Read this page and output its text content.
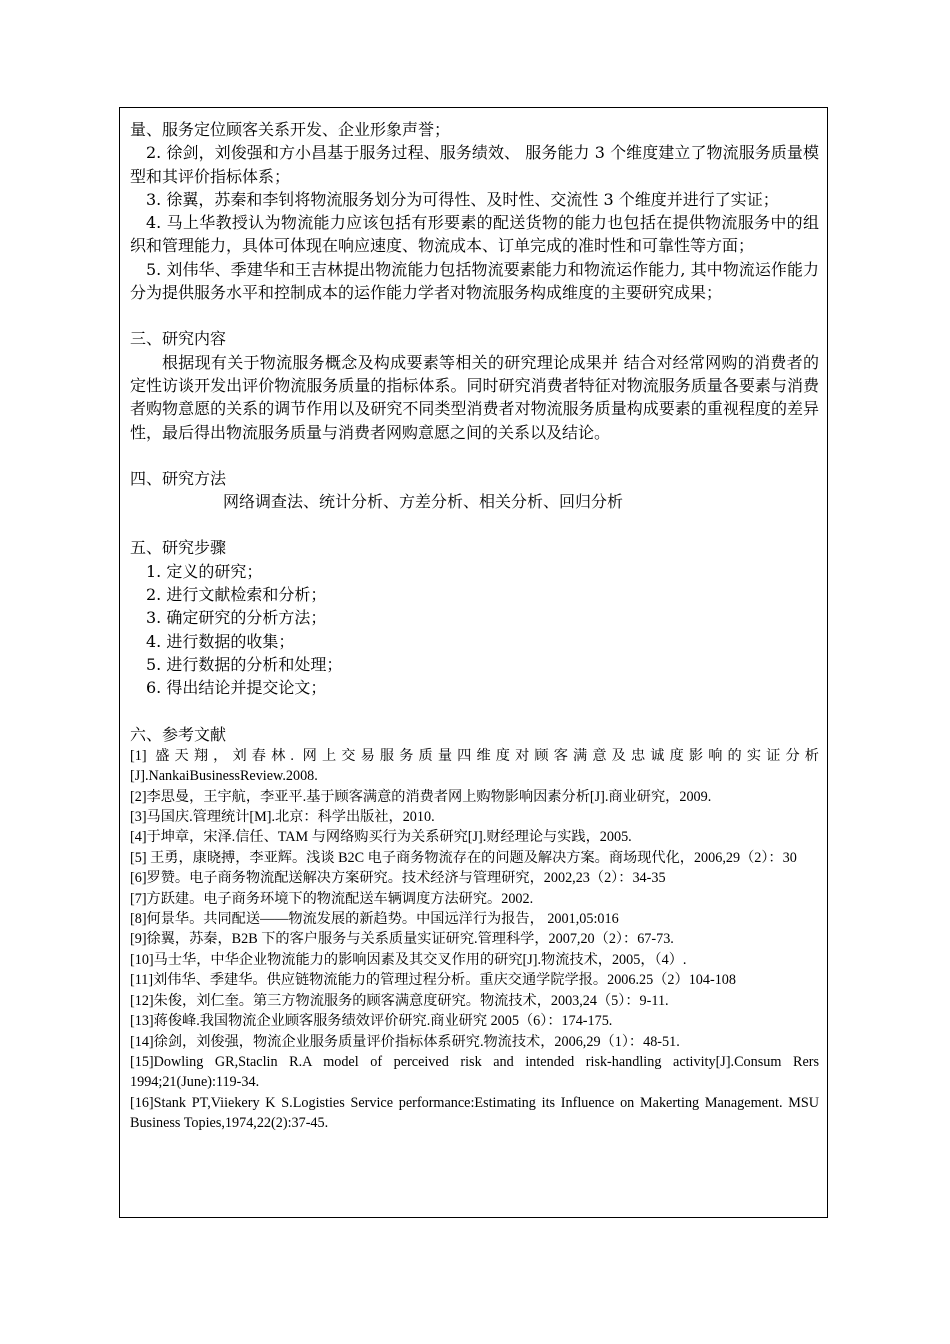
量、服务定位顾客关系开发、企业形象声誉；

2. 徐剑，刘俊强和方小昌基于服务过程、服务绩效、 服务能力 3 个维度建立了物流服务质量模型和其评价指标体系；

3. 徐翼，苏秦和李钊将物流服务划分为可得性、及时性、交流性 3 个维度并进行了实证；

4. 马上华教授认为物流能力应该包括有形要素的配送货物的能力也包括在提供物流服务中的组织和管理能力，具体可体现在响应速度、物流成本、订单完成的准时性和可靠性等方面；

5. 刘伟华、季建华和王吉林提出物流能力包括物流要素能力和物流运作能力, 其中物流运作能力分为提供服务水平和控制成本的运作能力学者对物流服务构成维度的主要研究成果；

三、研究内容

根据现有关于物流服务概念及构成要素等相关的研究理论成果并 结合对经常网购的消费者的定性访谈开发出评价物流服务质量的指标体系。同时研究消费者特征对物流服务质量各要素与消费者购物意愿的关系的调节作用以及研究不同类型消费者对物流服务质量构成要素的重视程度的差异性，最后得出物流服务质量与消费者网购意愿之间的关系以及结论。

四、研究方法

网络调查法、统计分析、方差分析、相关分析、回归分析

五、研究步骤

1. 定义的研究；

2. 进行文献检索和分析；

3. 确定研究的分析方法；

4. 进行数据的收集；

5. 进行数据的分析和处理；

6. 得出结论并提交论文；

六、参考文献

[1] 盛天翔，刘春林. 网上交易服务质量四维度对顾客满意及忠诚度影响的实证分析 [J].NankaiBusinessReview.2008.

[2]李思曼，王宇航，李亚平.基于顾客满意的消费者网上购物影响因素分析[J].商业研究，2009.

[3]马国庆.管理统计[M].北京：科学出版社，2010.

[4]于坤章，宋泽.信任、TAM 与网络购买行为关系研究[J].财经理论与实践，2005.

[5] 王勇，康晓搏，李亚辉。浅谈 B2C 电子商务物流存在的问题及解决方案。商场现代化，2006,29（2）：30

[6]罗赞。电子商务物流配送解决方案研究。技术经济与管理研究，2002,23（2）：34-35

[7]方跃建。电子商务环境下的物流配送车辆调度方法研究。2002.

[8]何景华。共同配送——物流发展的新趋势。中国远洋行为报告， 2001,05:016

[9]徐翼，苏秦，B2B 下的客户服务与关系质量实证研究.管理科学，2007,20（2）：67-73.

[10]马士华，中华企业物流能力的影响因素及其交叉作用的研究[J].物流技术，2005，（4）.

[11]刘伟华、季建华。供应链物流能力的管理过程分析。重庆交通学院学报。2006.25（2）104-108

[12]朱俊，刘仁奎。第三方物流服务的顾客满意度研究。物流技术，2003,24（5）：9-11.

[13]蒋俊峰.我国物流企业顾客服务绩效评价研究.商业研究 2005（6）：174-175.

[14]徐剑，刘俊强，物流企业服务质量评价指标体系研究.物流技术，2006,29（1）：48-51.

[15]Dowling GR,Staclin R.A model of perceived risk and intended risk-handling activity[J].Consum Rers 1994;21(June):119-34.

[16]Stank PT,Viiekery K S.Logisties Service performance:Estimating its Influence on Makerting Management. MSU Business Topies,1974,22(2):37-45.
